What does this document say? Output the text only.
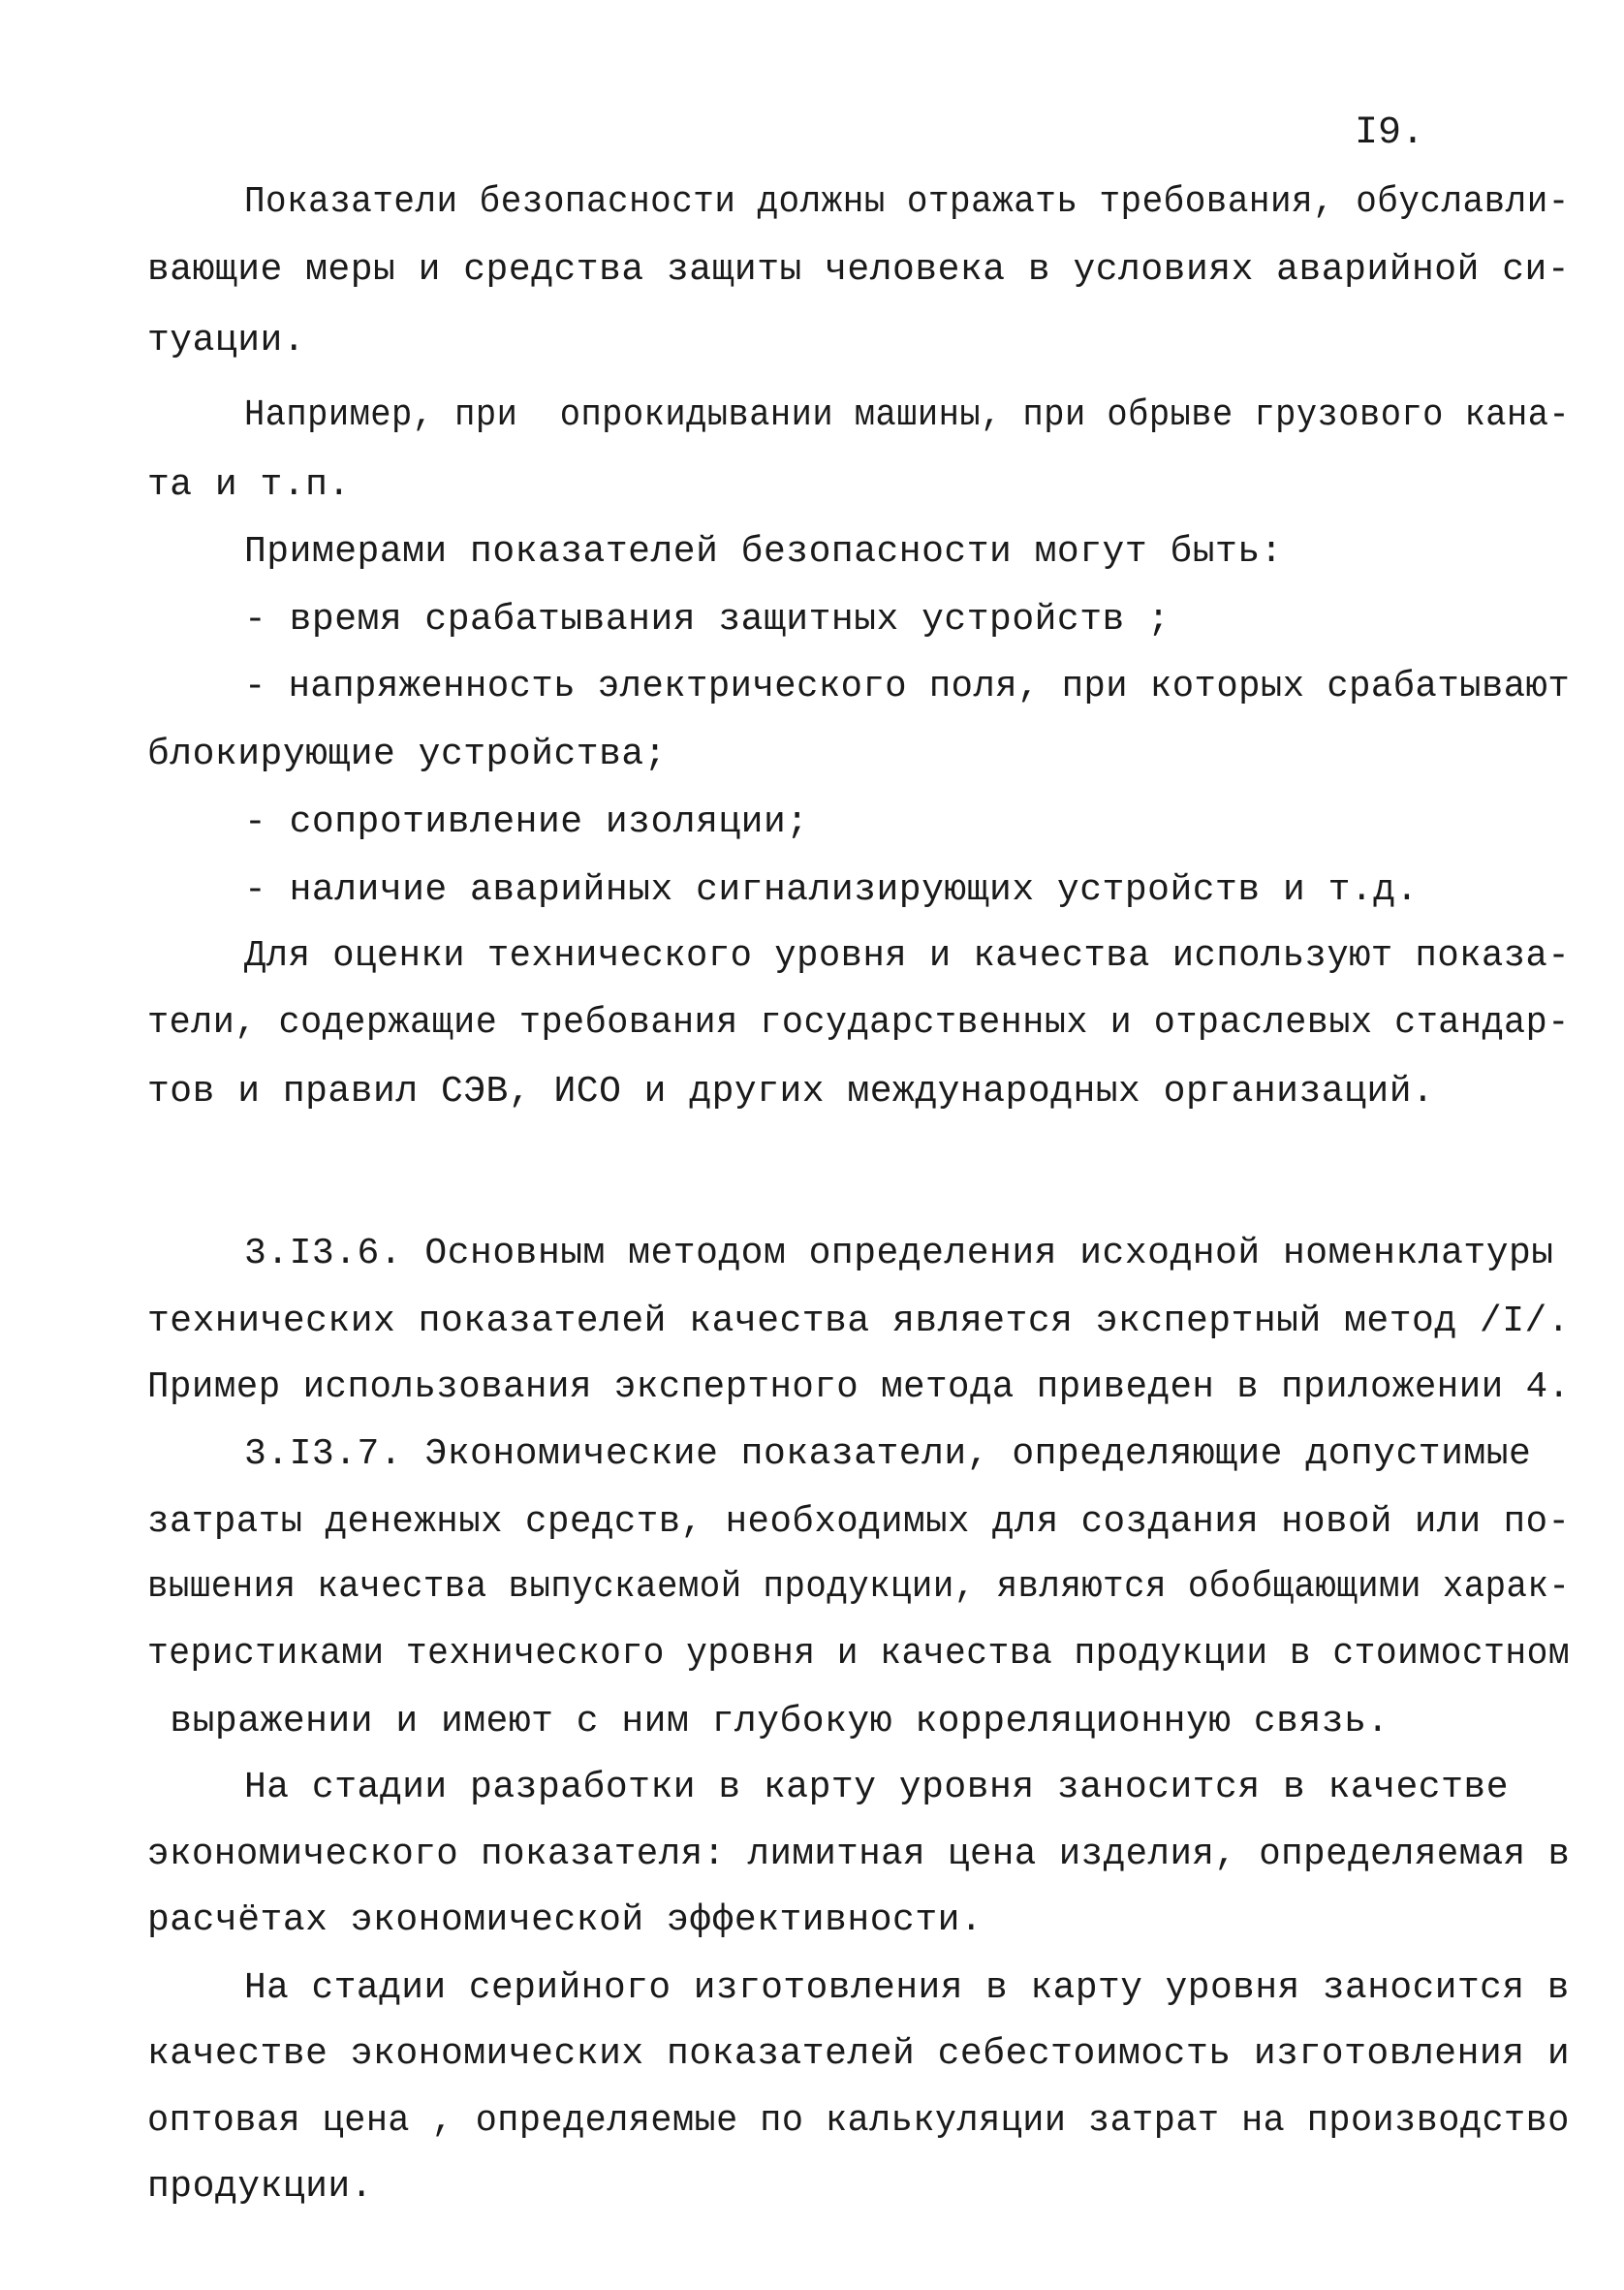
I9.
Показатели безопасности должны отражать требования, обуславли-
вающие меры и средства защиты человека в условиях аварийной си-
туации.
Например, при  опрокидывании машины, при обрыве грузового кана-
та и т.п.
Примерами показателей безопасности могут быть:
- время срабатывания защитных устройств ;
- напряженность электрического поля, при которых срабатывают
блокирующие устройства;
- сопротивление изоляции;
- наличие аварийных сигнализирующих устройств и т.д.
Для оценки технического уровня и качества используют показа-
тели, содержащие требования государственных и отраслевых стандар-
тов и правил СЭВ, ИСО и других международных организаций.
3.I3.6. Основным методом определения исходной номенклатуры
технических показателей качества является экспертный метод /I/.
Пример использования экспертного метода приведен в приложении 4.
3.I3.7. Экономические показатели, определяющие допустимые
затраты денежных средств, необходимых для создания новой или по-
вышения качества выпускаемой продукции, являются обобщающими харак-
теристиками технического уровня и качества продукции в стоимостном
выражении и имеют с ним глубокую корреляционную связь.
На стадии разработки в карту уровня заносится в качестве
экономического показателя: лимитная цена изделия, определяемая в
расчётах экономической эффективности.
На стадии серийного изготовления в карту уровня заносится в
качестве экономических показателей себестоимость изготовления и
оптовая цена , определяемые по калькуляции затрат на производство
продукции.
